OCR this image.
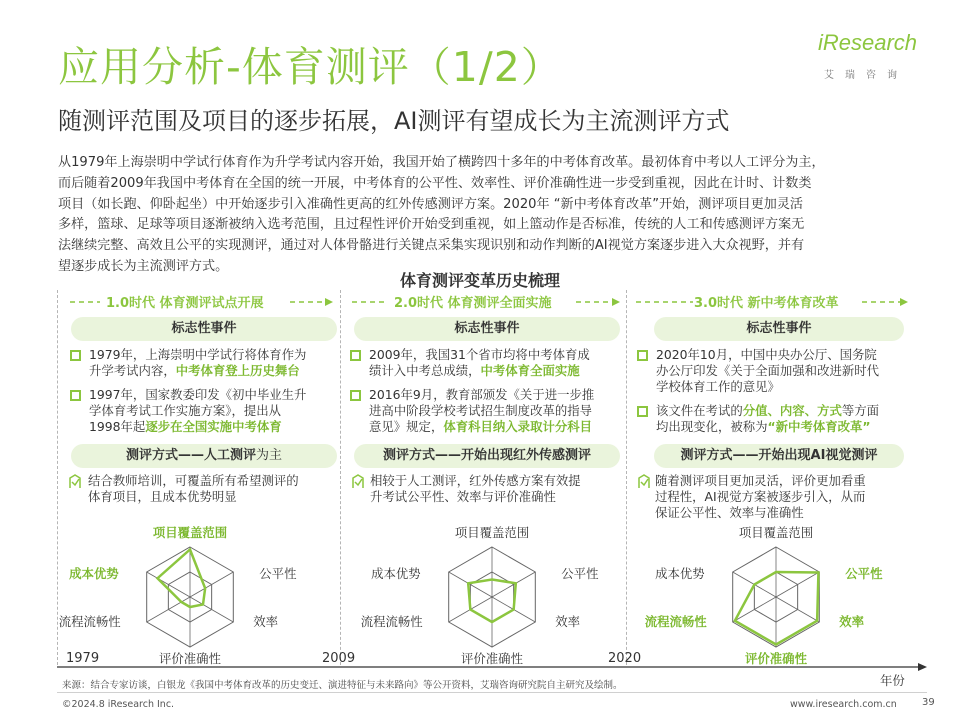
应用分析-体育测评（1/2）
随测评范围及项目的逐步拓展，AI测评有望成长为主流测评方式
iResearch
艾瑞咨询
从1979年上海崇明中学试行体育作为升学考试内容开始，我国开始了横跨四十多年的中考体育改革。最初体育中考以人工评分为主，
而后随着2009年我国中考体育在全国的统一开展，中考体育的公平性、效率性、评价准确性进一步受到重视，因此在计时、计数类
项目（如长跑、仰卧起坐）中开始逐步引入准确性更高的红外传感测评方案。2020年 “新中考体育改革”开始，测评项目更加灵活
多样，篮球、足球等项目逐渐被纳入选考范围，且过程性评价开始受到重视，如上篮动作是否标准，传统的人工和传感测评方案无
法继续完整、高效且公平的实现测评，通过对人体骨骼进行关键点采集实现识别和动作判断的AI视觉方案逐步进入大众视野，并有
望逐步成长为主流测评方式。
体育测评变革历史梳理
1.0时代 体育测评试点开展
标志性事件
1979年，上海崇明中学试行将体育作为
升学考试内容，中考体育登上历史舞台
1997年，国家教委印发《初中毕业生升
学体育考试工作实施方案》，提出从
1998年起逐步在全国实施中考体育
测评方式——人工测评为主
结合教师培训，可覆盖所有希望测评的
体育项目，且成本优势明显
2.0时代 体育测评全面实施
标志性事件
2009年，我国31个省市均将中考体育成
绩计入中考总成绩，中考体育全面实施
2016年9月，教育部颁发《关于进一步推
进高中阶段学校考试招生制度改革的指导
意见》规定，体育科目纳入录取计分科目
测评方式——开始出现红外传感测评
相较于人工测评，红外传感方案有效提
升考试公平性、效率与评价准确性
3.0时代 新中考体育改革
标志性事件
2020年10月，中国中央办公厅、国务院
办公厅印发《关于全面加强和改进新时代
学校体育工作的意见》
该文件在考试的分值、内容、方式等方面
均出现变化，被称为“新中考体育改革”
测评方式——开始出现AI视觉测评
随着测评项目更加灵活，评价更加看重
过程性，AI视觉方案被逐步引入，从而
保证公平性、效率与准确性
项目覆盖范围
公平性
效率
评价准确性
流程流畅性
成本优势
项目覆盖范围
公平性
效率
评价准确性
流程流畅性
成本优势
项目覆盖范围
公平性
效率
评价准确性
流程流畅性
成本优势
1979	2009	2020
年份
来源：结合专家访谈，白银龙《我国中考体育改革的历史变迁、演进特征与未来路向》等公开资料，艾瑞咨询研究院自主研究及绘制。
©2024.8 iResearch Inc.	www.iresearch.com.cn	39
